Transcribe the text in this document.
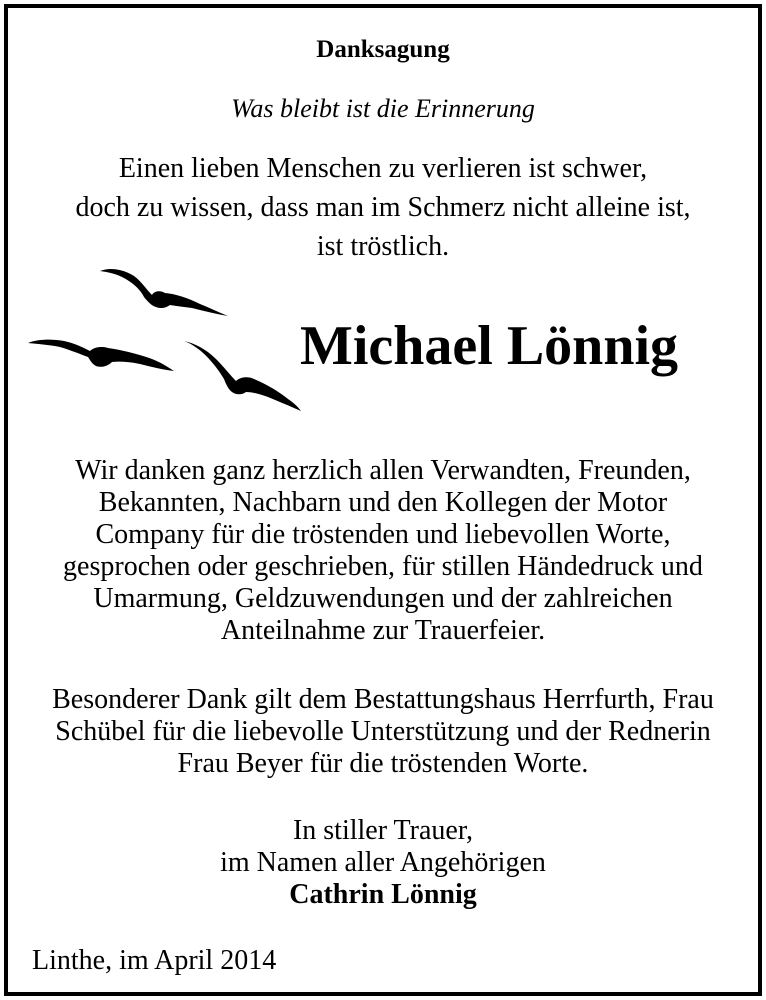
Danksagung
Was bleibt ist die Erinnerung
Einen lieben Menschen zu verlieren ist schwer,
doch zu wissen, dass man im Schmerz nicht alleine ist,
ist tröstlich.
Michael Lönnig
Wir danken ganz herzlich allen Verwandten, Freunden,
Bekannten, Nachbarn und den Kollegen der Motor
Company für die tröstenden und liebevollen Worte,
gesprochen oder geschrieben, für stillen Händedruck und
Umarmung, Geldzuwendungen und der zahlreichen
Anteilnahme zur Trauerfeier.
Besonderer Dank gilt dem Bestattungshaus Herrfurth, Frau
Schübel für die liebevolle Unterstützung und der Rednerin
Frau Beyer für die tröstenden Worte.
In stiller Trauer,
im Namen aller Angehörigen
Cathrin Lönnig
Linthe, im April 2014
